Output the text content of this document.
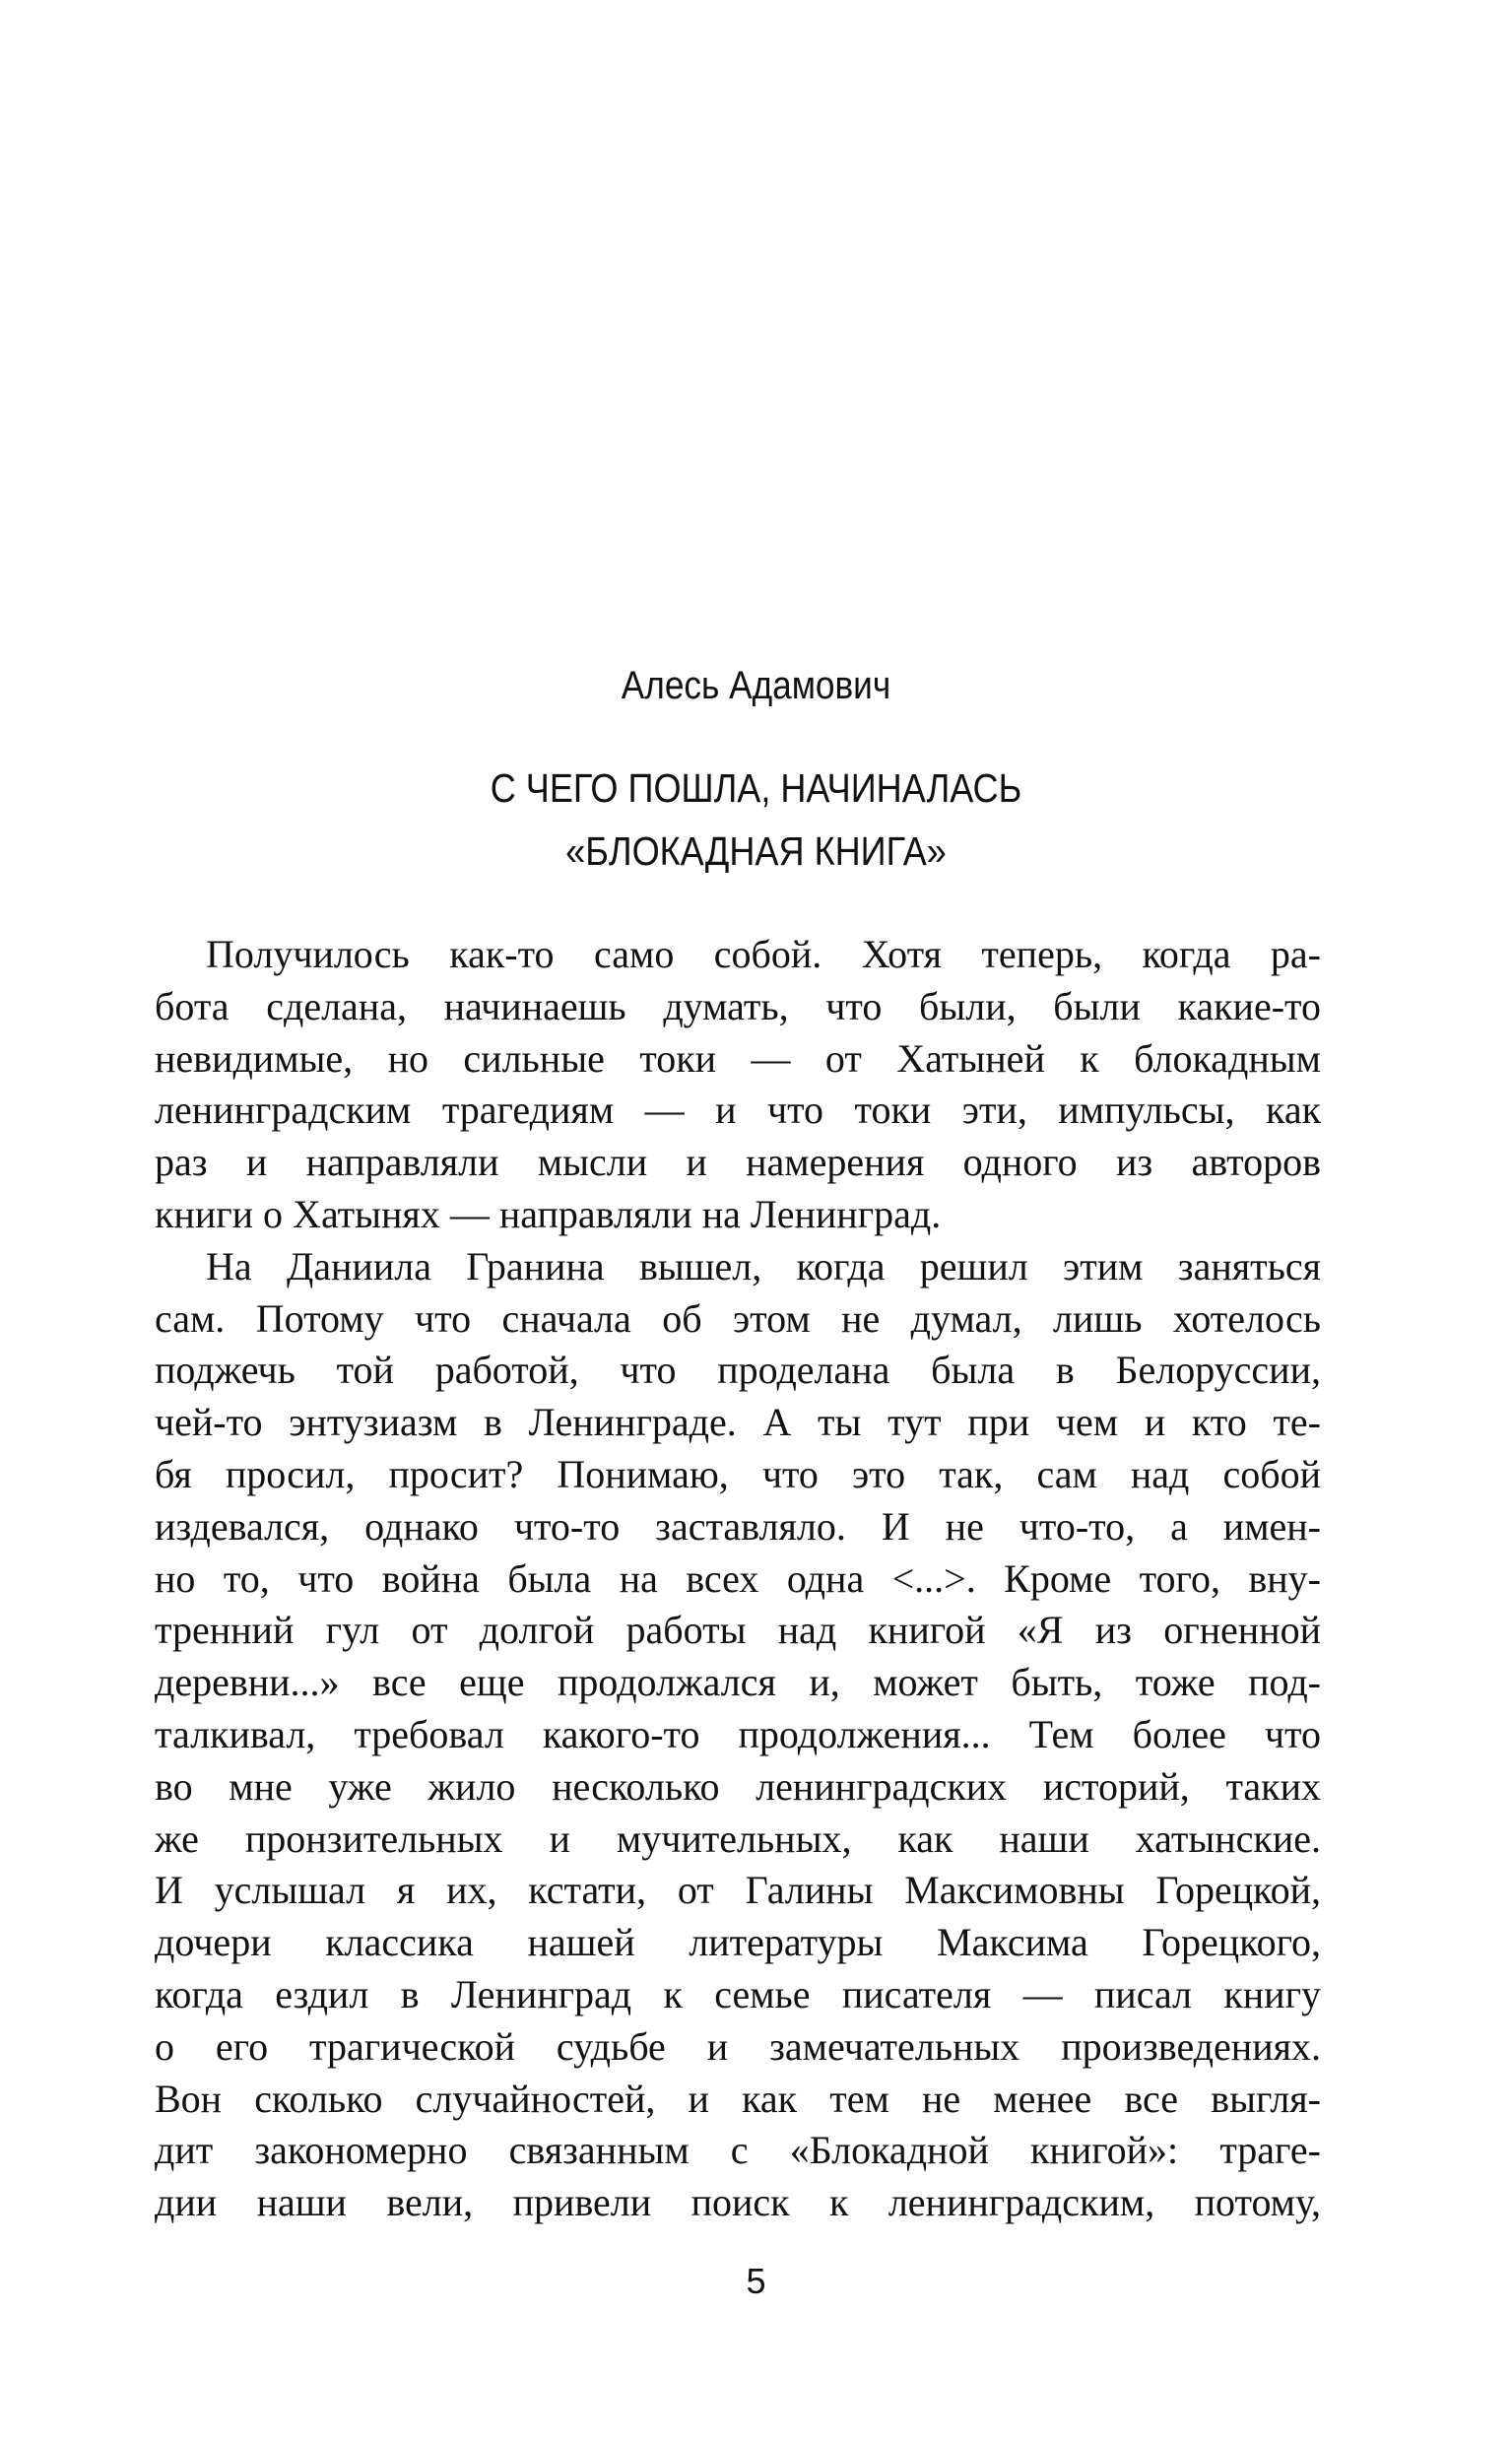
Алесь Адамович
С ЧЕГО ПОШЛА, НАЧИНАЛАСЬ
«БЛОКАДНАЯ КНИГА»
Получилось как-то само собой. Хотя теперь, когда ра-
бота сделана, начинаешь думать, что были, были какие-то
невидимые, но сильные токи — от Хатыней к блокадным
ленинградским трагедиям — и что токи эти, импульсы, как
раз и направляли мысли и намерения одного из авторов
книги о Хатынях — направляли на Ленинград.
На Даниила Гранина вышел, когда решил этим заняться
сам. Потому что сначала об этом не думал, лишь хотелось
поджечь той работой, что проделана была в Белоруссии,
чей-то энтузиазм в Ленинграде. А ты тут при чем и кто те-
бя просил, просит? Понимаю, что это так, сам над собой
издевался, однако что-то заставляло. И не что-то, а имен-
но то, что война была на всех одна <...>. Кроме того, вну-
тренний гул от долгой работы над книгой «Я из огненной
деревни...» все еще продолжался и, может быть, тоже под-
талкивал, требовал какого-то продолжения... Тем более что
во мне уже жило несколько ленинградских историй, таких
же пронзительных и мучительных, как наши хатынские.
И услышал я их, кстати, от Галины Максимовны Горецкой,
дочери классика нашей литературы Максима Горецкого,
когда ездил в Ленинград к семье писателя — писал книгу
о его трагической судьбе и замечательных произведениях.
Вон сколько случайностей, и как тем не менее все выгля-
дит закономерно связанным с «Блокадной книгой»: траге-
дии наши вели, привели поиск к ленинградским, потому,
5
